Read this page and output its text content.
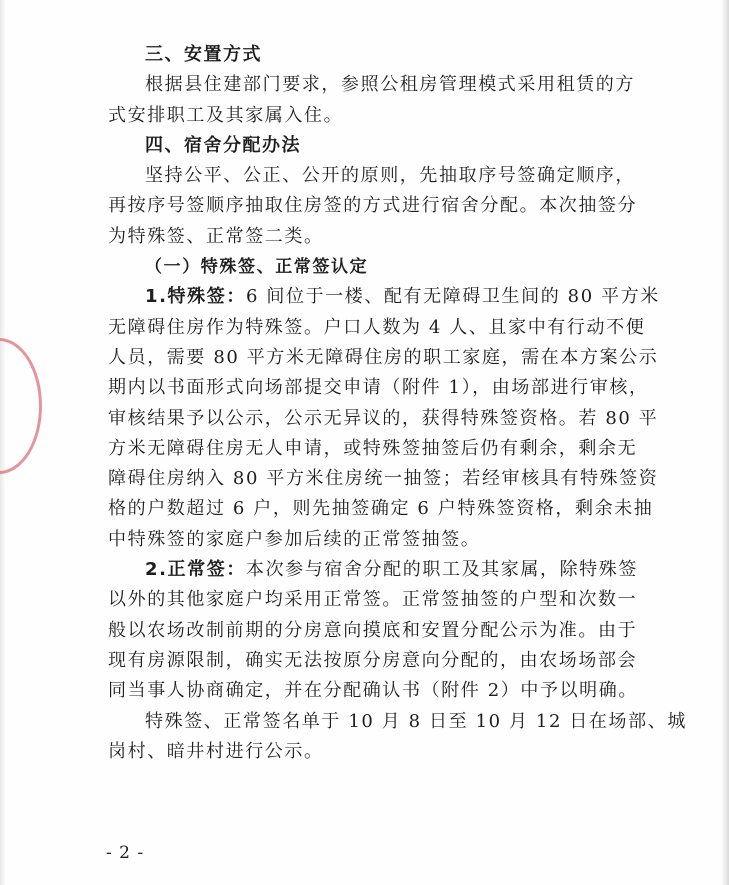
三、安置方式

根据县住建部门要求，参照公租房管理模式采用租赁的方

式安排职工及其家属入住。

四、宿舍分配办法

坚持公平、公正、公开的原则，先抽取序号签确定顺序，

再按序号签顺序抽取住房签的方式进行宿舍分配。本次抽签分

为特殊签、正常签二类。

（一）特殊签、正常签认定

1.特殊签：6 间位于一楼、配有无障碍卫生间的 80 平方米

无障碍住房作为特殊签。户口人数为 4 人、且家中有行动不便

人员，需要 80 平方米无障碍住房的职工家庭，需在本方案公示

期内以书面形式向场部提交申请（附件 1），由场部进行审核，

审核结果予以公示，公示无异议的，获得特殊签资格。若 80 平

方米无障碍住房无人申请，或特殊签抽签后仍有剩余，剩余无

障碍住房纳入 80 平方米住房统一抽签；若经审核具有特殊签资

格的户数超过 6 户，则先抽签确定 6 户特殊签资格，剩余未抽

中特殊签的家庭户参加后续的正常签抽签。

2.正常签：本次参与宿舍分配的职工及其家属，除特殊签

以外的其他家庭户均采用正常签。正常签抽签的户型和次数一

般以农场改制前期的分房意向摸底和安置分配公示为准。由于

现有房源限制，确实无法按原分房意向分配的，由农场场部会

同当事人协商确定，并在分配确认书（附件 2）中予以明确。

特殊签、正常签名单于 10 月 8 日至 10 月 12 日在场部、城

岗村、暗井村进行公示。

- 2 -
